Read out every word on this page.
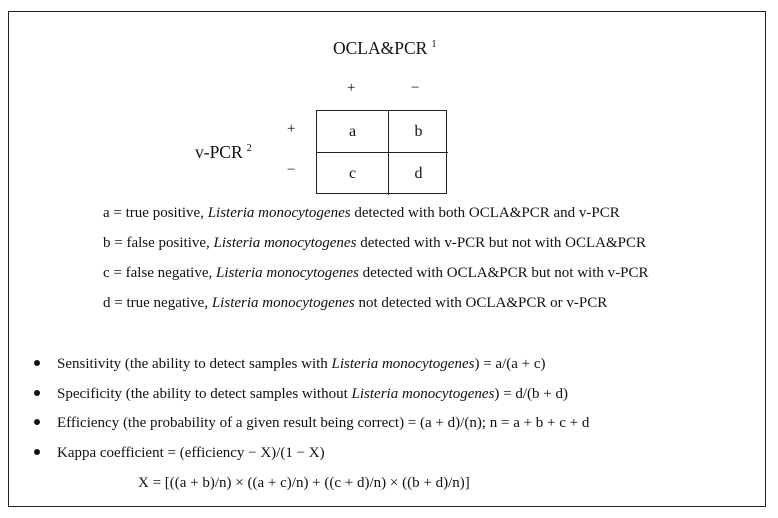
OCLA&PCR $^1$
+	−
v-PCR $^2$
+
−
a	b
c	d
a = true positive, Listeria monocytogenes detected with both OCLA&PCR and v-PCR
b = false positive, Listeria monocytogenes detected with v-PCR but not with OCLA&PCR
c = false negative, Listeria monocytogenes detected with OCLA&PCR but not with v-PCR
d = true negative, Listeria monocytogenes not detected with OCLA&PCR or v-PCR
Sensitivity (the ability to detect samples with Listeria monocytogenes) = a/(a + c)
Specificity (the ability to detect samples without Listeria monocytogenes) = d/(b + d)
Efficiency (the probability of a given result being correct) = (a + d)/(n); n = a + b + c + d
Kappa coefficient = (efficiency − X)/(1 − X)
X = [((a + b)/n) × ((a + c)/n) + ((c + d)/n) × ((b + d)/n)]
